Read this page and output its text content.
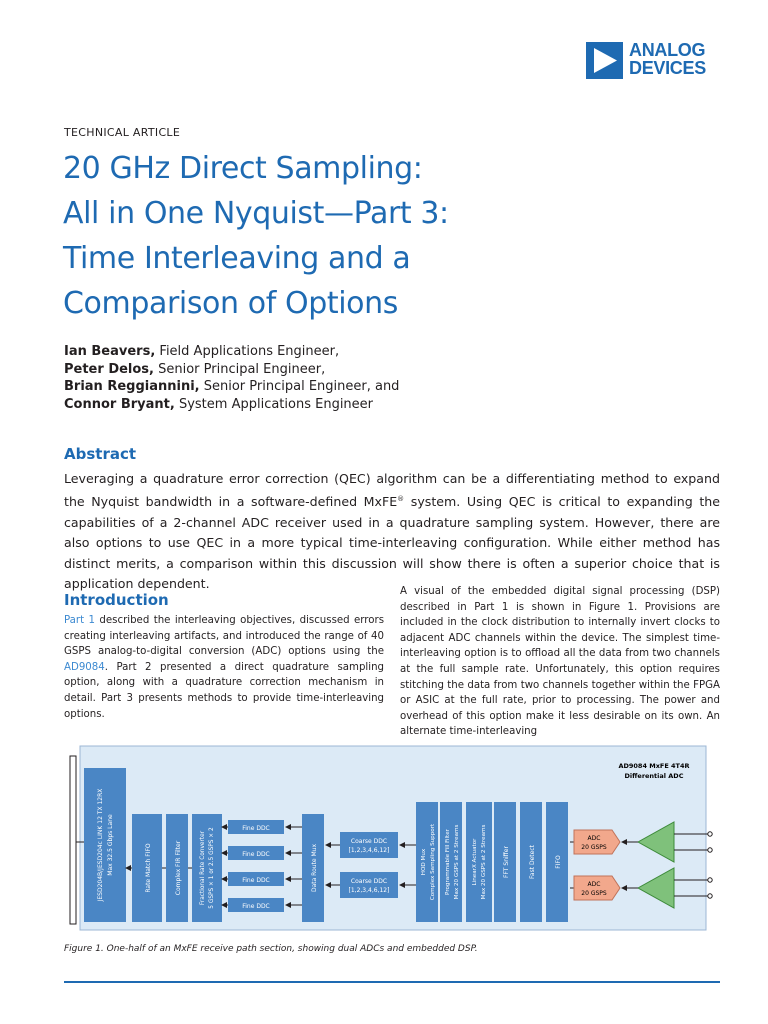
ANALOG
DEVICES
TECHNICAL ARTICLE
20 GHz Direct Sampling:
All in One Nyquist—Part 3:
Time Interleaving and a
Comparison of Options
Ian Beavers, Field Applications Engineer,
Peter Delos, Senior Principal Engineer,
Brian Reggiannini, Senior Principal Engineer, and
Connor Bryant, System Applications Engineer
Abstract

Leveraging a quadrature error correction (QEC) algorithm can be a differentiating method to expand the Nyquist bandwidth in a software-defined MxFE® system. Using QEC is critical to expanding the capabilities of a 2-channel ADC receiver used in a quadrature sampling system. However, there are also options to use QEC in a more typical time-interleaving configuration. While either method has distinct merits, a comparison within this discussion will show there is often a superior choice that is application dependent.

Introduction

Part 1 described the interleaving objectives, discussed errors creating interleaving artifacts, and introduced the range of 40 GSPS analog-to-digital conversion (ADC) options using the AD9084. Part 2 presented a direct quadrature sampling option, along with a quadrature correction mechanism in detail. Part 3 presents methods to provide time-interleaving options.

A visual of the embedded digital signal processing (DSP) described in Part 1 is shown in Figure 1. Provisions are included in the clock distribution to internally invert clocks to adjacent ADC channels within the device. The simplest time-interleaving option is to offload all the data from two channels at the full sample rate. Unfortunately, this option requires stitching the data from two channels together within the FPGA or ASIC at the full rate, prior to processing. The power and overhead of this option make it less desirable on its own. An alternate time-interleaving

AD9084 MxFE 4T4R
Differential ADC
JESD204B/JESD204c LINK 12 TX 12RX Max 32.5 Gbps Lane	Rate Match FIFO	Complex FIR Filter	Fractional Rate Converter 5 GSPS × 1 or 2.5 GSPS × 2	Fine DDC
Fine DDC
Fine DDC
Fine DDC
Data Route Mux
Coarse DDC
[1,2,3,4,6,12]
Coarse DDC
[1,2,3,4,6,12]
HOD Mux Complex Sampling Support Programmable Fill Filter Max 20 GSPS at 2 Streams LinearX Actuator Max 20 GSPS at 2 Streams	FFT Sniffer	Fast Detect	FIFO
ADC
20 GSPS
ADC
20 GSPS

Figure 1. One-half of an MxFE receive path section, showing dual ADCs and embedded DSP.
